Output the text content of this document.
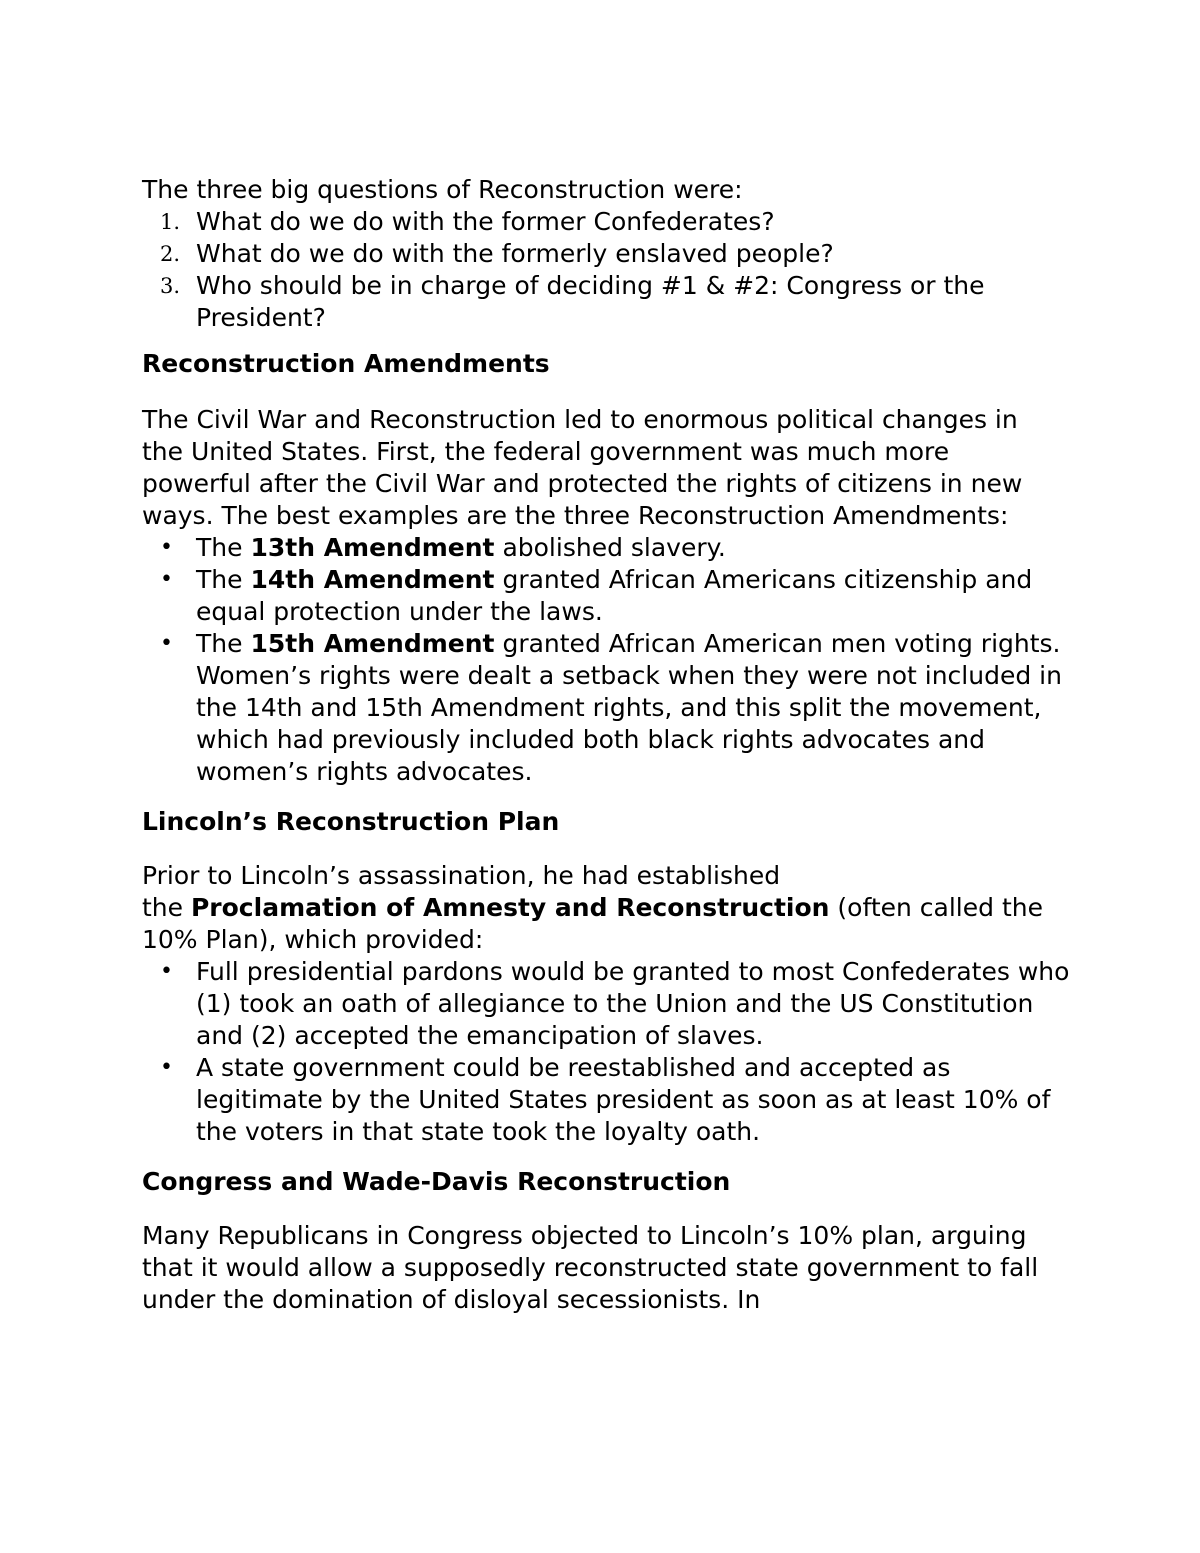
The three big questions of Reconstruction were:

1. What do we do with the former Confederates?
2. What do we do with the formerly enslaved people?
3. Who should be in charge of deciding #1 & #2: Congress or the President?
Reconstruction Amendments

The Civil War and Reconstruction led to enormous political changes in the United States. First, the federal government was much more powerful after the Civil War and protected the rights of citizens in new ways. The best examples are the three Reconstruction Amendments:

• The 13th Amendment abolished slavery.
• The 14th Amendment granted African Americans citizenship and equal protection under the laws.
• The 15th Amendment granted African American men voting rights. Women’s rights were dealt a setback when they were not included in the 14th and 15th Amendment rights, and this split the movement, which had previously included both black rights advocates and women’s rights advocates.
Lincoln’s Reconstruction Plan

Prior to Lincoln’s assassination, he had established
the Proclamation of Amnesty and Reconstruction (often called the 10% Plan), which provided:

• Full presidential pardons would be granted to most Confederates who (1) took an oath of allegiance to the Union and the US Constitution and (2) accepted the emancipation of slaves.
• A state government could be reestablished and accepted as legitimate by the United States president as soon as at least 10% of the voters in that state took the loyalty oath.
Congress and Wade-Davis Reconstruction

Many Republicans in Congress objected to Lincoln’s 10% plan, arguing that it would allow a supposedly reconstructed state government to fall under the domination of disloyal secessionists. In
